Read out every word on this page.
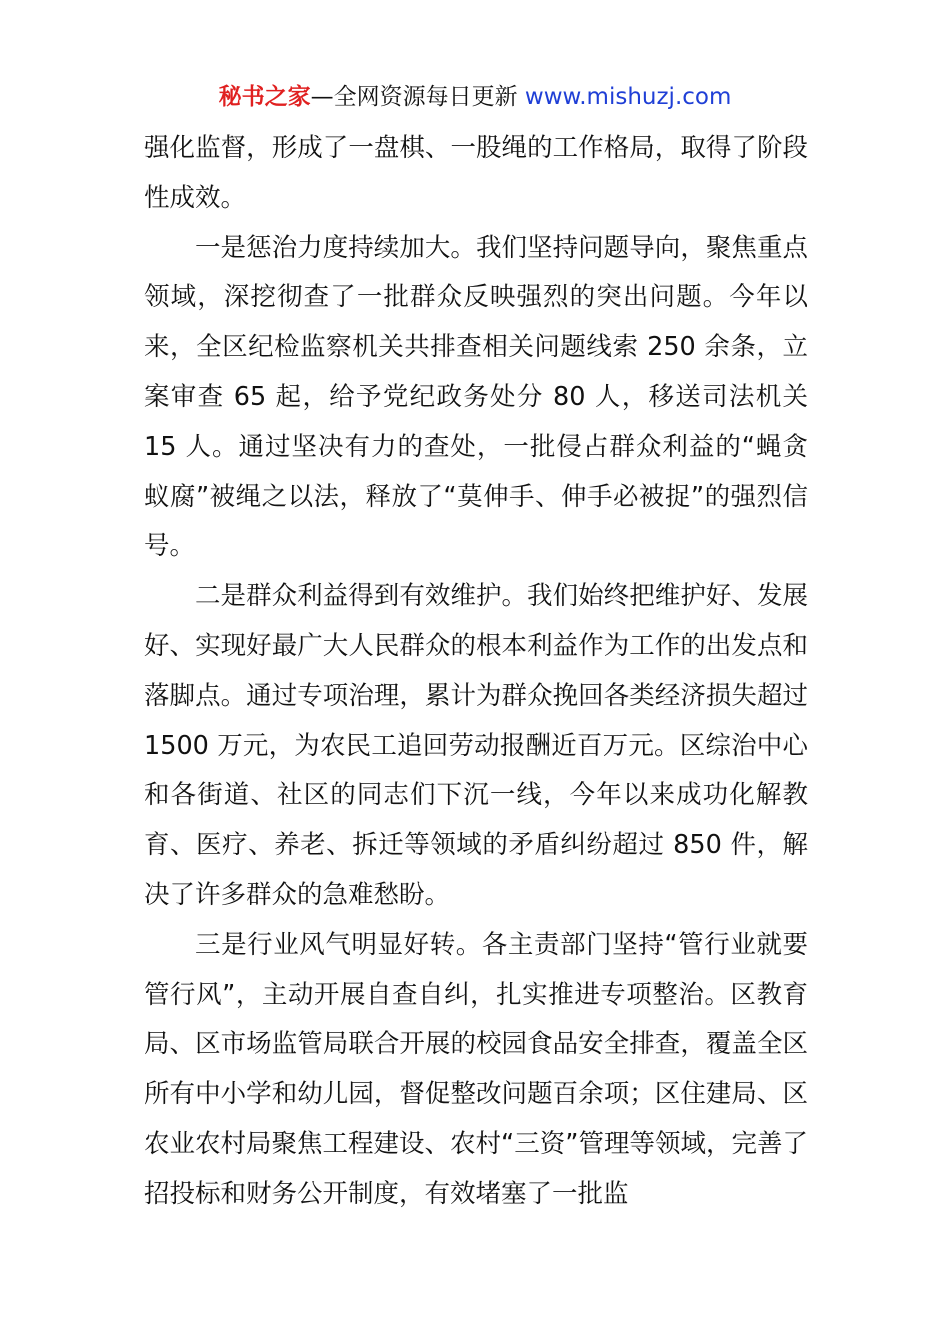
秘书之家—全网资源每日更新 www.mishuzj.com

强化监督，形成了一盘棋、一股绳的工作格局，取得了阶段性成效。

一是惩治力度持续加大。我们坚持问题导向，聚焦重点领域，深挖彻查了一批群众反映强烈的突出问题。今年以来，全区纪检监察机关共排查相关问题线索 250 余条，立案审查 65 起，给予党纪政务处分 80 人，移送司法机关 15 人。通过坚决有力的查处，一批侵占群众利益的“蝇贪蚁腐”被绳之以法，释放了“莫伸手、伸手必被捉”的强烈信号。

二是群众利益得到有效维护。我们始终把维护好、发展好、实现好最广大人民群众的根本利益作为工作的出发点和落脚点。通过专项治理，累计为群众挽回各类经济损失超过 1500 万元，为农民工追回劳动报酬近百万元。区综治中心和各街道、社区的同志们下沉一线，今年以来成功化解教育、医疗、养老、拆迁等领域的矛盾纠纷超过 850 件，解决了许多群众的急难愁盼。

三是行业风气明显好转。各主责部门坚持“管行业就要管行风”，主动开展自查自纠，扎实推进专项整治。区教育局、区市场监管局联合开展的校园食品安全排查，覆盖全区所有中小学和幼儿园，督促整改问题百余项；区住建局、区农业农村局聚焦工程建设、农村“三资”管理等领域，完善了招投标和财务公开制度，有效堵塞了一批监
